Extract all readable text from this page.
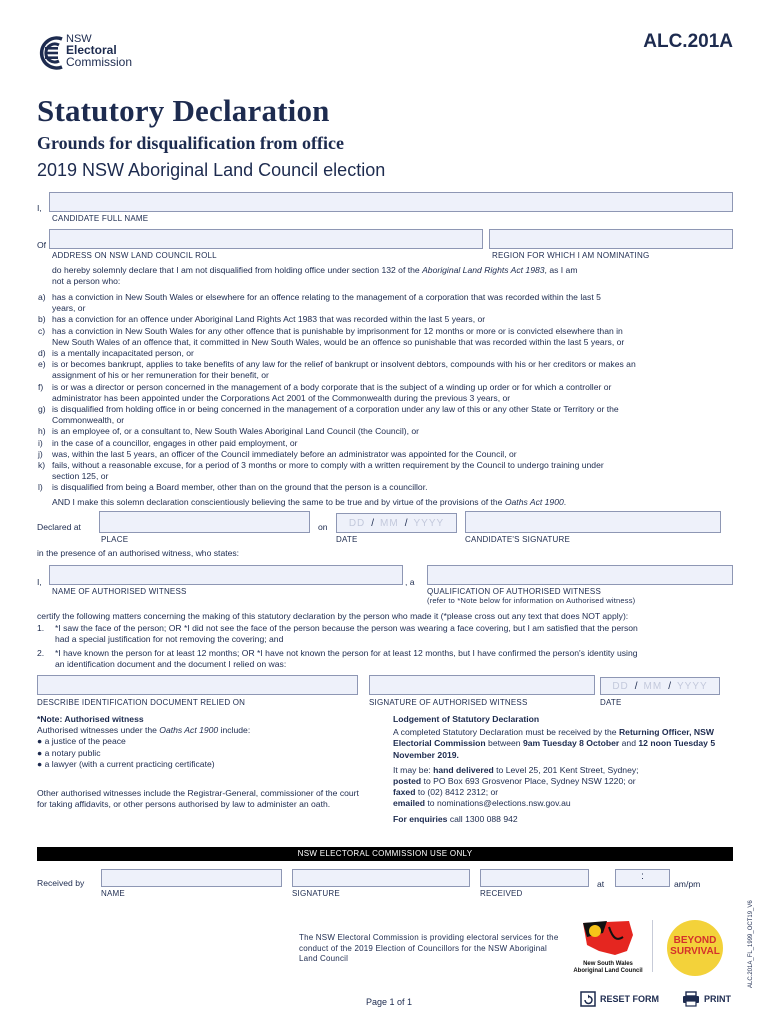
NSW
Electoral
Commission
ALC.201A
Statutory Declaration
Grounds for disqualification from office
2019 NSW Aboriginal Land Council election
I,
CANDIDATE FULL NAME
Of
ADDRESS ON NSW LAND COUNCIL ROLL	REGION FOR WHICH I AM NOMINATING
do hereby solemnly declare that I am not disqualified from holding office under section 132 of the Aboriginal Land Rights Act 1983, as I am
not a person who:
a) has a conviction in New South Wales or elsewhere for an offence relating to the management of a corporation that was recorded within the last 5
years, or
b) has a conviction for an offence under Aboriginal Land Rights Act 1983 that was recorded within the last 5 years, or
c) has a conviction in New South Wales for any other offence that is punishable by imprisonment for 12 months or more or is convicted elsewhere than in
New South Wales of an offence that, it committed in New South Wales, would be an offence so punishable that was recorded within the last 5 years, or
d) is a mentally incapacitated person, or
e) is or becomes bankrupt, applies to take benefits of any law for the relief of bankrupt or insolvent debtors, compounds with his or her creditors or makes an
assignment of his or her remuneration for their benefit, or
f) is or was a director or person concerned in the management of a body corporate that is the subject of a winding up order or for which a controller or
administrator has been appointed under the Corporations Act 2001 of the Commonwealth during the previous 3 years, or
g) is disqualified from holding office in or being concerned in the management of a corporation under any law of this or any other State or Territory or the
Commonwealth, or
h) is an employee of, or a consultant to, New South Wales Aboriginal Land Council (the Council), or
i) in the case of a councillor, engages in other paid employment, or
j) was, within the last 5 years, an officer of the Council immediately before an administrator was appointed for the Council, or
k) fails, without a reasonable excuse, for a period of 3 months or more to comply with a written requirement by the Council to undergo training under
section 125, or
l) is disqualified from being a Board member, other than on the ground that the person is a councillor.
AND I make this solemn declaration conscientiously believing the same to be true and by virtue of the provisions of the Oaths Act 1900.
Declared at	on DD / MM / YYYY
PLACE	DATE	CANDIDATE'S SIGNATURE
in the presence of an authorised witness, who states:
I,	, a
NAME OF AUTHORISED WITNESS	QUALIFICATION OF AUTHORISED WITNESS
(refer to *Note below for information on Authorised witness)
certify the following matters concerning the making of this statutory declaration by the person who made it (*please cross out any text that does NOT apply):
1. *I saw the face of the person; OR *I did not see the face of the person because the person was wearing a face covering, but I am satisfied that the person
had a special justification for not removing the covering; and
2. *I have known the person for at least 12 months; OR *I have not known the person for at least 12 months, but I have confirmed the person's identity using
an identification document and the document I relied on was:
DD / MM / YYYY
DESCRIBE IDENTIFICATION DOCUMENT RELIED ON	SIGNATURE OF AUTHORISED WITNESS	DATE
*Note: Authorised witness
Authorised witnesses under the Oaths Act 1900 include:
● a justice of the peace
● a notary public
● a lawyer (with a current practicing certificate)
Other authorised witnesses include the Registrar-General, commissioner of the court for taking affidavits, or other persons authorised by law to administer an oath.
Lodgement of Statutory Declaration
A completed Statutory Declaration must be received by the Returning Officer, NSW Electorial Commission between 9am Tuesday 8 October and 12 noon Tuesday 5 November 2019.
It may be: hand delivered to Level 25, 201 Kent Street, Sydney;
posted to PO Box 693 Grosvenor Place, Sydney NSW 1220; or
faxed to (02) 8412 2312; or
emailed to nominations@elections.nsw.gov.au
For enquiries call 1300 088 942
NSW ELECTORAL COMMISSION USE ONLY
Received by	at
:
am/pm
NAME	SIGNATURE	RECEIVED
The NSW Electoral Commission is providing electoral services for the conduct of the 2019 Election of Councillors for the NSW Aboriginal Land Council
New South Wales
Aboriginal Land Council
BEYOND
SURVIVAL
Page 1 of 1	RESET FORM	PRINT
ALC.201A_FL_1999_OCT19_V6
